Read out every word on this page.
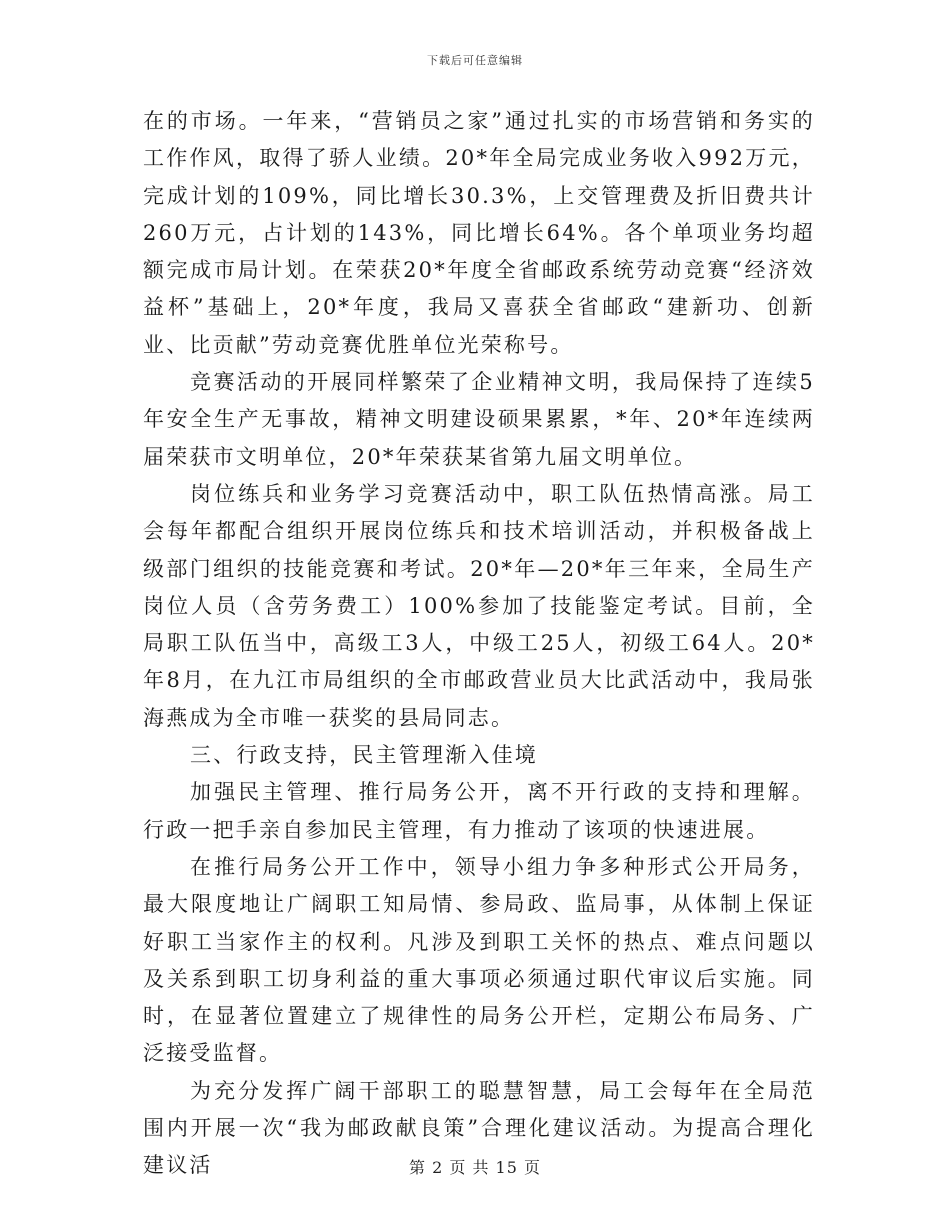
下载后可任意编辑

在的市场。一年来，“营销员之家”通过扎实的市场营销和务实的工作作风，取得了骄人业绩。20*年全局完成业务收入992万元，完成计划的109%，同比增长30.3%，上交管理费及折旧费共计260万元，占计划的143%，同比增长64%。各个单项业务均超额完成市局计划。在荣获20*年度全省邮政系统劳动竞赛“经济效益杯”基础上，20*年度，我局又喜获全省邮政“建新功、创新业、比贡献”劳动竞赛优胜单位光荣称号。

竞赛活动的开展同样繁荣了企业精神文明，我局保持了连续5年安全生产无事故，精神文明建设硕果累累，*年、20*年连续两届荣获市文明单位，20*年荣获某省第九届文明单位。

岗位练兵和业务学习竞赛活动中，职工队伍热情高涨。局工会每年都配合组织开展岗位练兵和技术培训活动，并积极备战上级部门组织的技能竞赛和考试。20*年—20*年三年来，全局生产岗位人员（含劳务费工）100%参加了技能鉴定考试。目前，全局职工队伍当中，高级工3人，中级工25人，初级工64人。20*年8月，在九江市局组织的全市邮政营业员大比武活动中，我局张海燕成为全市唯一获奖的县局同志。

三、行政支持，民主管理渐入佳境

加强民主管理、推行局务公开，离不开行政的支持和理解。行政一把手亲自参加民主管理，有力推动了该项的快速进展。

在推行局务公开工作中，领导小组力争多种形式公开局务，最大限度地让广阔职工知局情、参局政、监局事，从体制上保证好职工当家作主的权利。凡涉及到职工关怀的热点、难点问题以及关系到职工切身利益的重大事项必须通过职代审议后实施。同时，在显著位置建立了规律性的局务公开栏，定期公布局务、广泛接受监督。

为充分发挥广阔干部职工的聪慧智慧，局工会每年在全局范围内开展一次“我为邮政献良策”合理化建议活动。为提高合理化建议活	第 2 页 共 15 页
